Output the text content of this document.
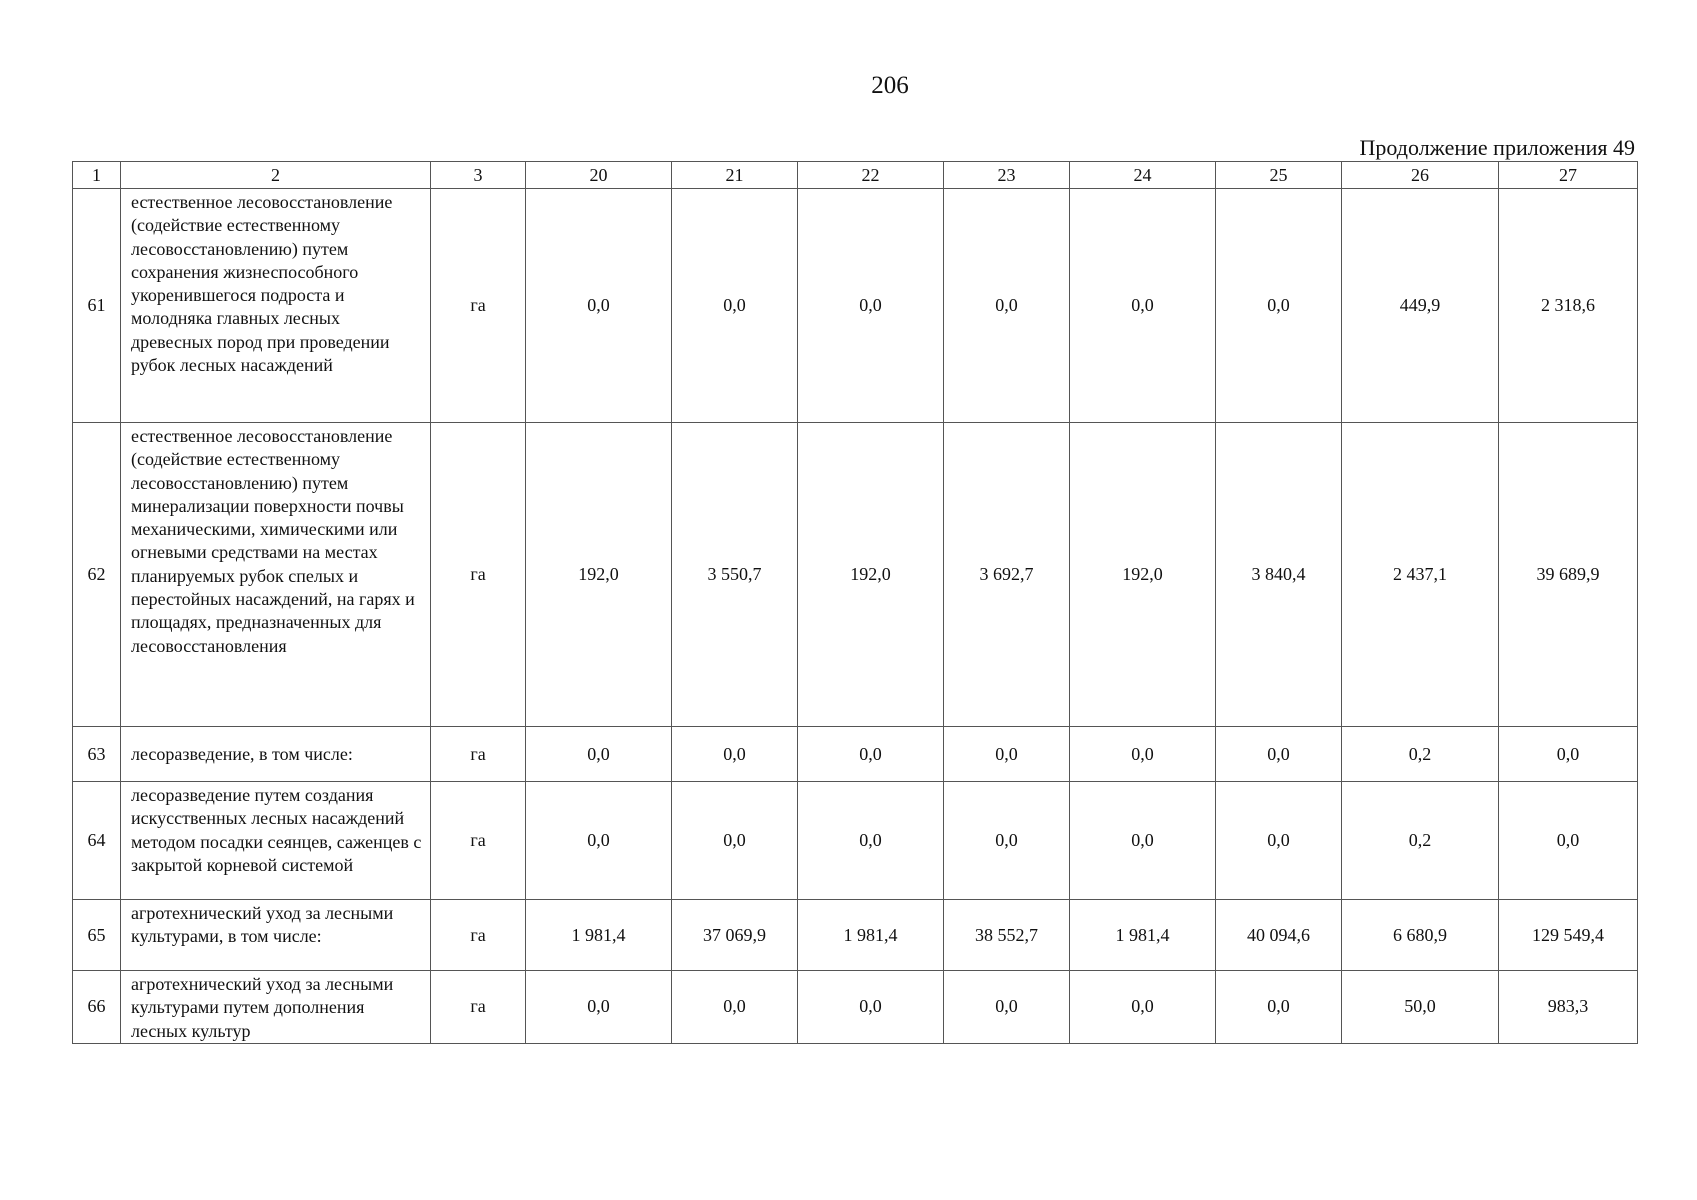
206
Продолжение приложения 49
1	2	3	20	21	22	23	24	25	26	27
61	естественное лесовосстановление (содействие естественному лесовосстановлению) путем сохранения жизнеспособного укоренившегося подроста и молодняка главных лесных древесных пород при проведении рубок лесных насаждений	га	0,0	0,0	0,0	0,0	0,0	0,0	449,9	2 318,6
62	естественное лесовосстановление (содействие естественному лесовосстановлению) путем минерализации поверхности почвы механическими, химическими или огневыми средствами на местах планируемых рубок спелых и перестойных насаждений, на гарях и площадях, предназначенных для лесовосстановления	га	192,0	3 550,7	192,0	3 692,7	192,0	3 840,4	2 437,1	39 689,9
63	лесоразведение, в том числе:	га	0,0	0,0	0,0	0,0	0,0	0,0	0,2	0,0
64	лесоразведение путем создания искусственных лесных насаждений методом посадки сеянцев, саженцев с закрытой корневой системой	га	0,0	0,0	0,0	0,0	0,0	0,0	0,2	0,0
65	агротехнический уход за лесными культурами, в том числе:	га	1 981,4	37 069,9	1 981,4	38 552,7	1 981,4	40 094,6	6 680,9	129 549,4
66	агротехнический уход за лесными культурами путем дополнения лесных культур	га	0,0	0,0	0,0	0,0	0,0	0,0	50,0	983,3
